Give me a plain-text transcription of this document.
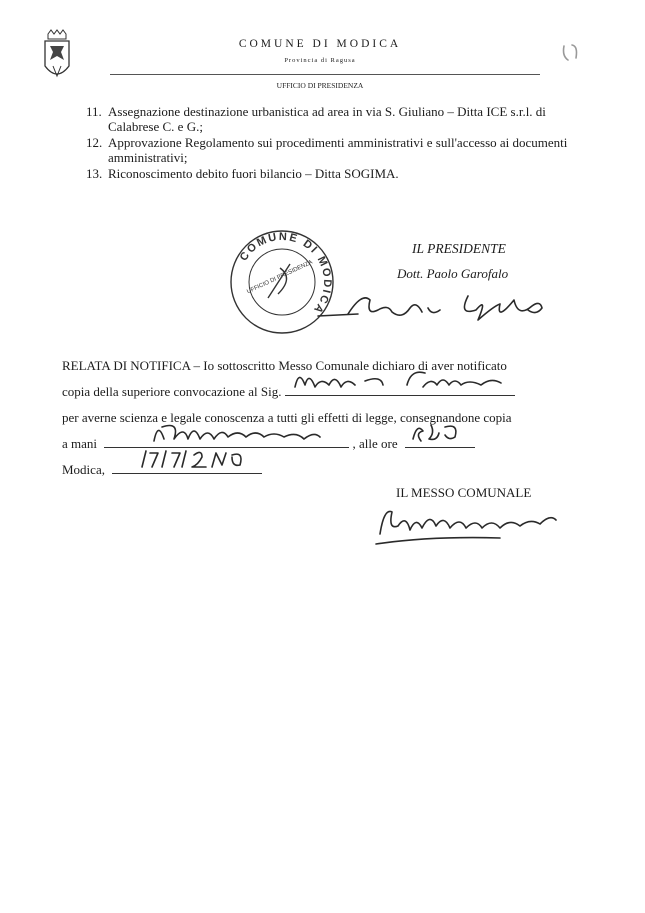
COMUNE DI MODICA
Provincia di Ragusa
UFFICIO DI PRESIDENZA
11. Assegnazione destinazione urbanistica ad area in via S. Giuliano – Ditta ICE s.r.l. di Calabrese C. e G.;
12. Approvazione Regolamento sui procedimenti amministrativi e sull'accesso ai documenti amministrativi;
13. Riconoscimento debito fuori bilancio – Ditta SOGIMA.
COMUNE DI MODICA
UFFICIO DI PRESIDENZA
IL PRESIDENTE
Dott. Paolo Garofalo
RELATA DI NOTIFICA – Io sottoscritto Messo Comunale dichiaro di aver notificato
copia della superiore convocazione al Sig.
per averne scienza e legale conoscenza a tutti gli effetti di legge, consegnandone copia
a mani	, alle ore
Modica,
IL MESSO COMUNALE
